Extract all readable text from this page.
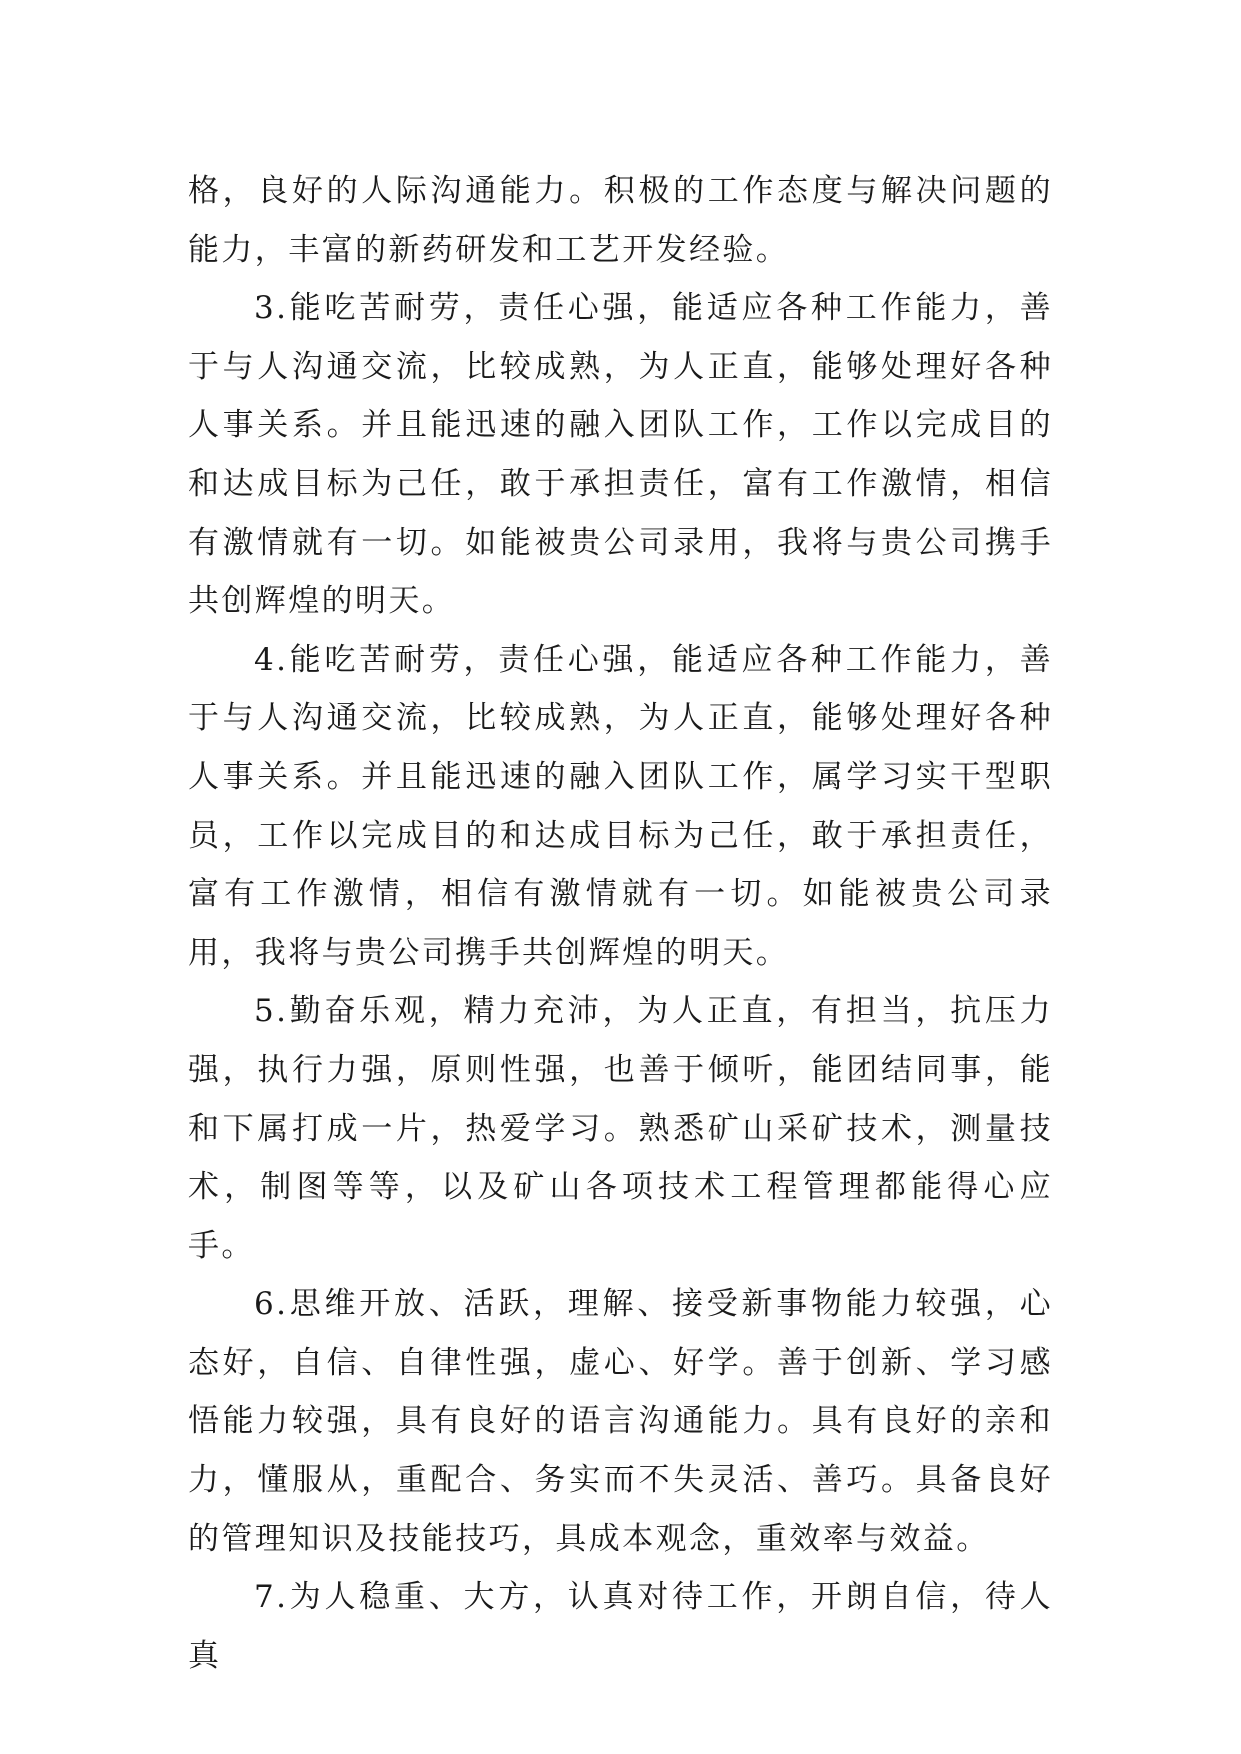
格，良好的人际沟通能力。积极的工作态度与解决问题的能力，丰富的新药研发和工艺开发经验。

3.能吃苦耐劳，责任心强，能适应各种工作能力，善于与人沟通交流，比较成熟，为人正直，能够处理好各种人事关系。并且能迅速的融入团队工作，工作以完成目的和达成目标为己任，敢于承担责任，富有工作激情，相信有激情就有一切。如能被贵公司录用，我将与贵公司携手共创辉煌的明天。

4.能吃苦耐劳，责任心强，能适应各种工作能力，善于与人沟通交流，比较成熟，为人正直，能够处理好各种人事关系。并且能迅速的融入团队工作，属学习实干型职员，工作以完成目的和达成目标为己任，敢于承担责任，富有工作激情，相信有激情就有一切。如能被贵公司录用，我将与贵公司携手共创辉煌的明天。

5.勤奋乐观，精力充沛，为人正直，有担当，抗压力强，执行力强，原则性强，也善于倾听，能团结同事，能和下属打成一片，热爱学习。熟悉矿山采矿技术，测量技术，制图等等，以及矿山各项技术工程管理都能得心应手。

6.思维开放、活跃，理解、接受新事物能力较强，心态好，自信、自律性强，虚心、好学。善于创新、学习感悟能力较强，具有良好的语言沟通能力。具有良好的亲和力，懂服从，重配合、务实而不失灵活、善巧。具备良好的管理知识及技能技巧，具成本观念，重效率与效益。

7.为人稳重、大方，认真对待工作，开朗自信，待人真
